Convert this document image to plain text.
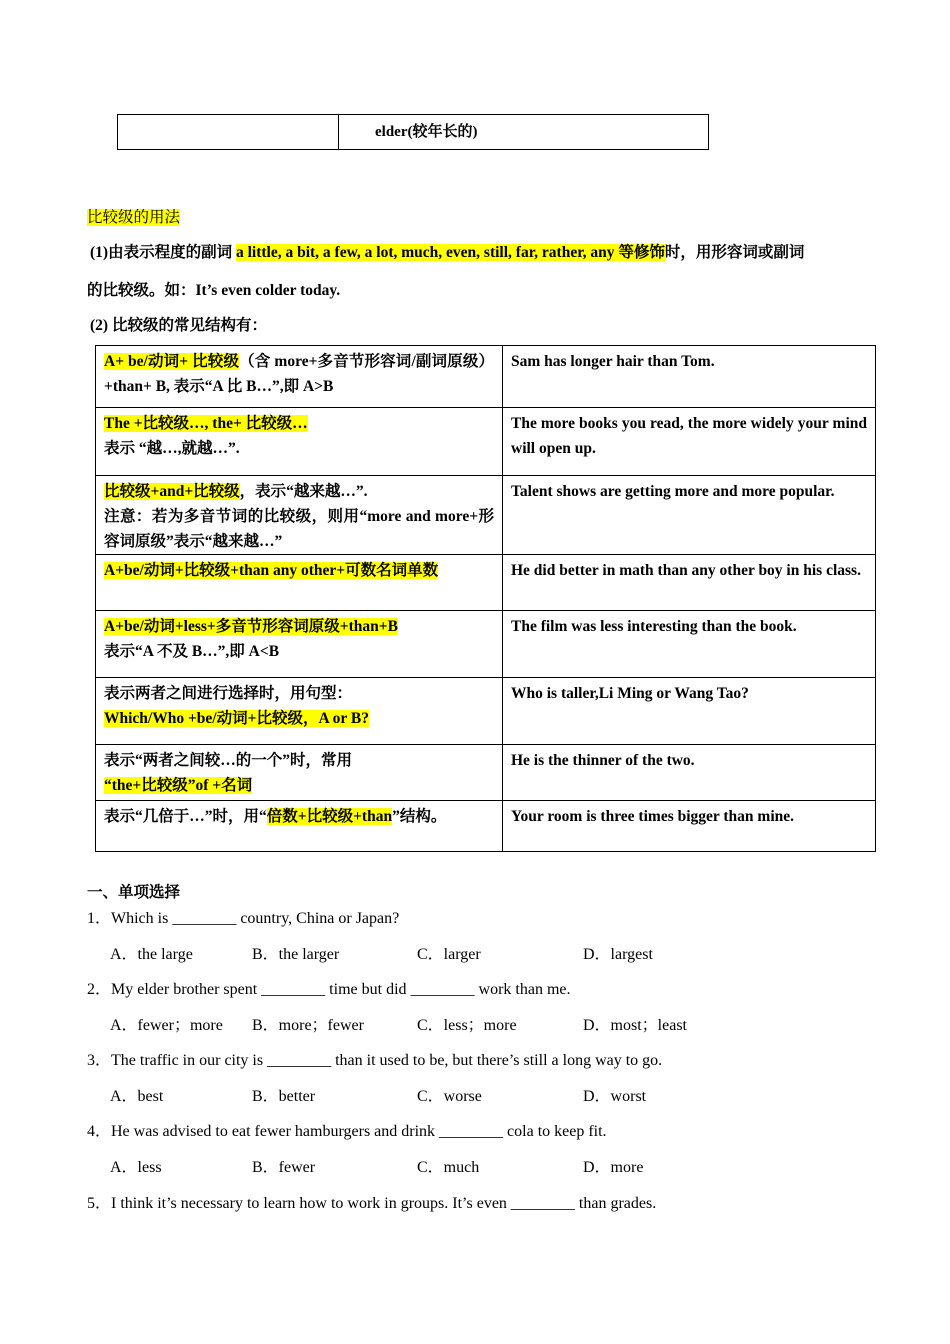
	elder(较年长的)
比较级的用法
(1)由表示程度的副词 a little, a bit, a few, a lot, much, even, still, far, rather, any 等修饰时，用形容词或副词
的比较级。如：It’s even colder today.
(2) 比较级的常见结构有：
A+ be/动词+ 比较级（含 more+多音节形容词/副词原级）+than+ B, 表示“A 比 B…”,即 A>B	Sam has longer hair than Tom.
The +比较级…, the+ 比较级…
表示 “越…,就越…”.	The more books you read, the more widely your mind will open up.
比较级+and+比较级，表示“越来越…”.
注意：若为多音节词的比较级，则用“more and more+形容词原级”表示“越来越…”	Talent shows are getting more and more popular.
A+be/动词+比较级+than any other+可数名词单数	He did better in math than any other boy in his class.
A+be/动词+less+多音节形容词原级+than+B
表示“A 不及 B…”,即 A<B	The film was less interesting than the book.

表示两者之间进行选择时，用句型：
Which/Who +be/动词+比较级，A or B?	Who is taller,Li Ming or Wang Tao?

表示“两者之间较…的一个”时，常用
“the+比较级”of +名词	He is the thinner of the two.
表示“几倍于…”时，用“倍数+比较级+than”结构。	Your room is three times bigger than mine.
一、单项选择
1．Which is ________ country, China or Japan?
A．the large	B．the larger	C．larger	D．largest
2．My elder brother spent ________ time but did ________ work than me.
A．fewer；more B．more；fewer	C．less；more	D．most；least
3．The traffic in our city is ________ than it used to be, but there’s still a long way to go.
A．best	B．better	C．worse	D．worst
4．He was advised to eat fewer hamburgers and drink ________ cola to keep fit.
A．less	B．fewer	C．much	D．more
5．I think it’s necessary to learn how to work in groups. It’s even ________ than grades.
